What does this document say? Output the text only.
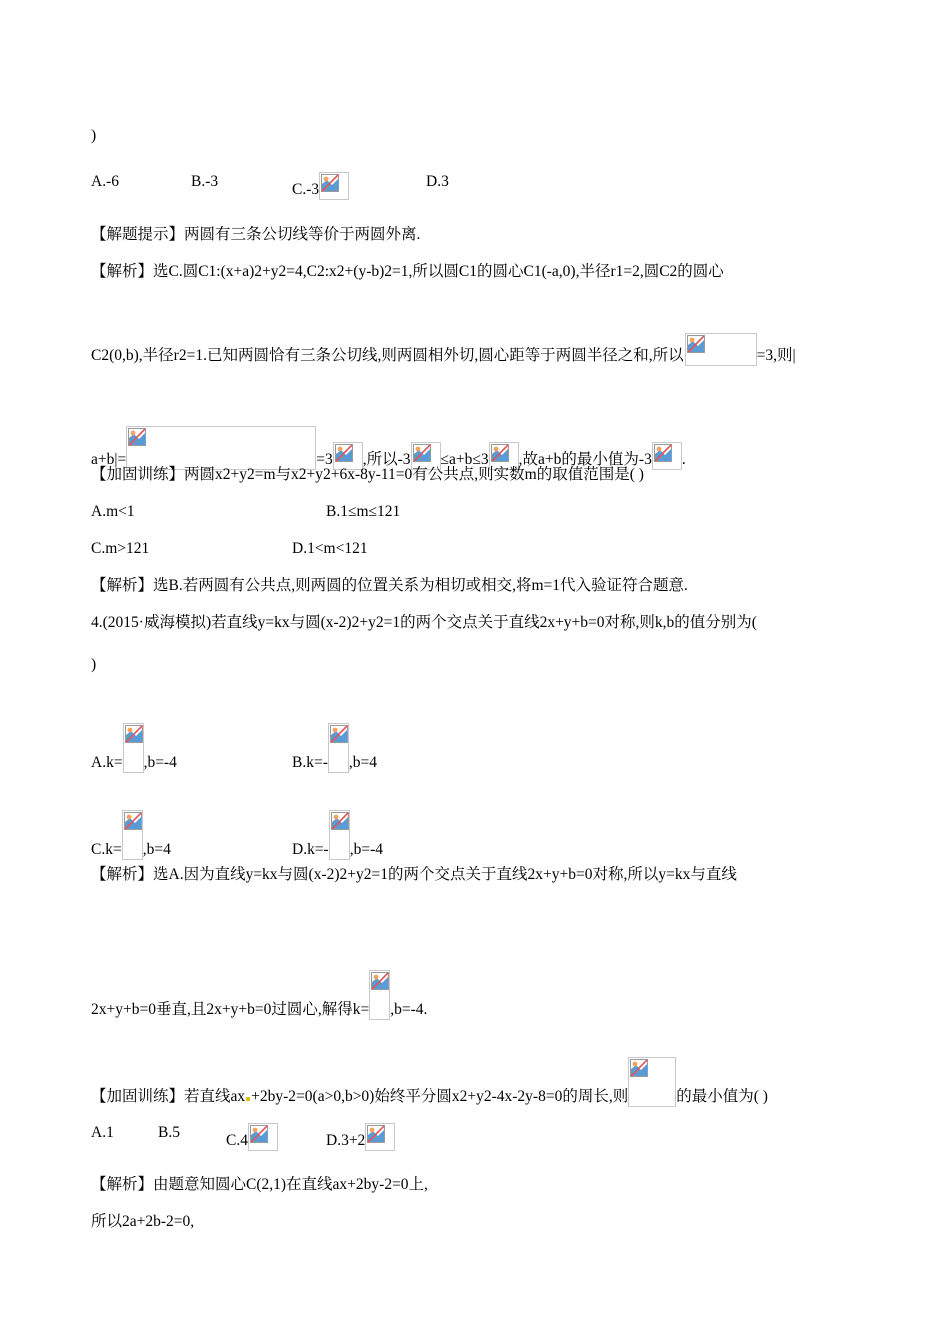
)
A.-6	B.-3	C.-3	D.3
【解题提示】两圆有三条公切线等价于两圆外离.
【解析】选C.圆C1:(x+a)2+y2=4,C2:x2+(y-b)2=1,所以圆C1的圆心C1(-a,0),半径r1=2,圆C2的圆心
C2(0,b),半径r2=1.已知两圆恰有三条公切线,则两圆相外切,圆心距等于两圆半径之和,所以	=3,则|
a+b|=	=3 ,所以-3 ≤a+b≤3 ,故a+b的最小值为-3 .
【加固训练】两圆x2+y2=m与x2+y2+6x-8y-11=0有公共点,则实数m的取值范围是( )
A.m<1	B.1≤m≤121
C.m>121	D.1<m<121
【解析】选B.若两圆有公共点,则两圆的位置关系为相切或相交,将m=1代入验证符合题意.
4.(2015·威海模拟)若直线y=kx与圆(x-2)2+y2=1的两个交点关于直线2x+y+b=0对称,则k,b的值分别为(
)
A.k= ,b=-4	B.k=- ,b=4
C.k= ,b=4	D.k=- ,b=-4
【解析】选A.因为直线y=kx与圆(x-2)2+y2=1的两个交点关于直线2x+y+b=0对称,所以y=kx与直线
2x+y+b=0垂直,且2x+y+b=0过圆心,解得k= ,b=-4.
【加固训练】若直线ax +2by-2=0(a>0,b>0)始终平分圆x2+y2-4x-2y-8=0的周长,则	的最小值为( )
A.1	B.5	C.4	D.3+2
【解析】由题意知圆心C(2,1)在直线ax+2by-2=0上,
所以2a+2b-2=0,
